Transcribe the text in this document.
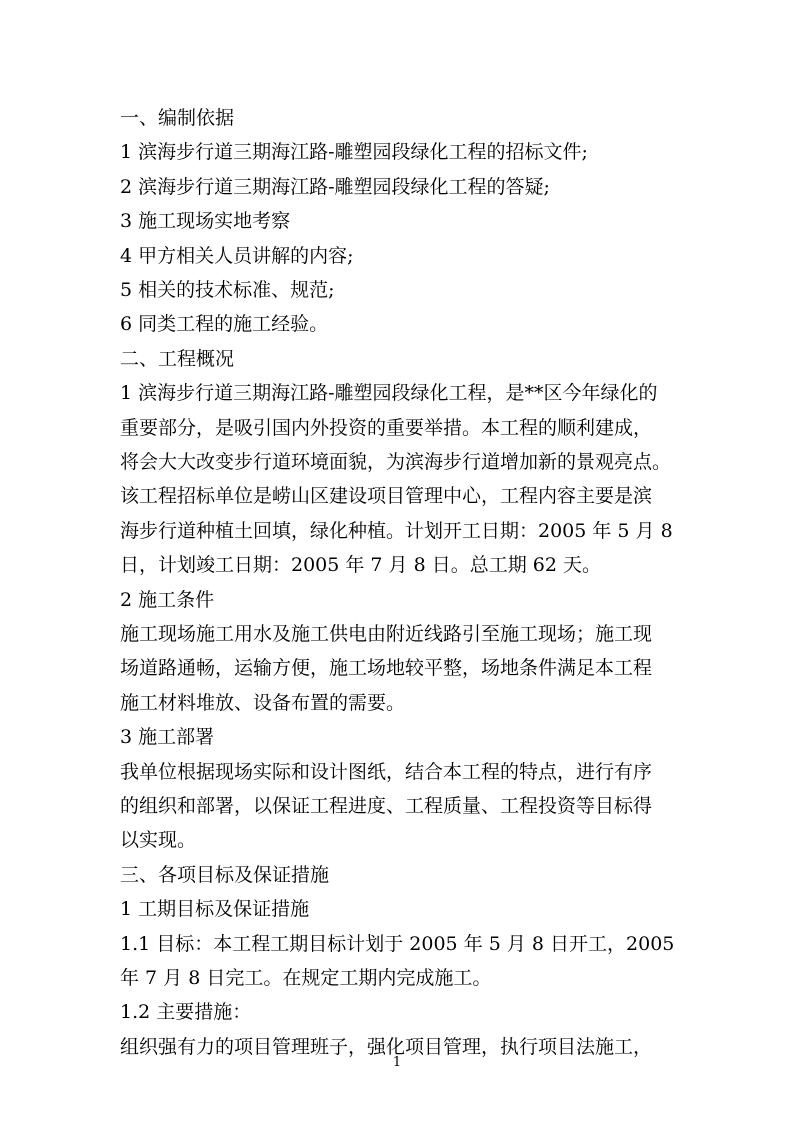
一、编制依据
1 滨海步行道三期海江路-雕塑园段绿化工程的招标文件;
2 滨海步行道三期海江路-雕塑园段绿化工程的答疑;
3 施工现场实地考察
4 甲方相关人员讲解的内容;
5 相关的技术标准、规范;
6 同类工程的施工经验。
二、工程概况
1 滨海步行道三期海江路-雕塑园段绿化工程，是**区今年绿化的
重要部分，是吸引国内外投资的重要举措。本工程的顺利建成，
将会大大改变步行道环境面貌，为滨海步行道增加新的景观亮点。
该工程招标单位是崂山区建设项目管理中心，工程内容主要是滨
海步行道种植土回填，绿化种植。计划开工日期：2005 年 5 月 8
日，计划竣工日期：2005 年 7 月 8 日。总工期 62 天。
2 施工条件
施工现场施工用水及施工供电由附近线路引至施工现场；施工现
场道路通畅，运输方便，施工场地较平整，场地条件满足本工程
施工材料堆放、设备布置的需要。
3 施工部署
我单位根据现场实际和设计图纸，结合本工程的特点，进行有序
的组织和部署，以保证工程进度、工程质量、工程投资等目标得
以实现。
三、各项目标及保证措施
1 工期目标及保证措施
1.1 目标：本工程工期目标计划于 2005 年 5 月 8 日开工，2005
年 7 月 8 日完工。在规定工期内完成施工。
1.2 主要措施：
组织强有力的项目管理班子，强化项目管理，执行项目法施工，
1
